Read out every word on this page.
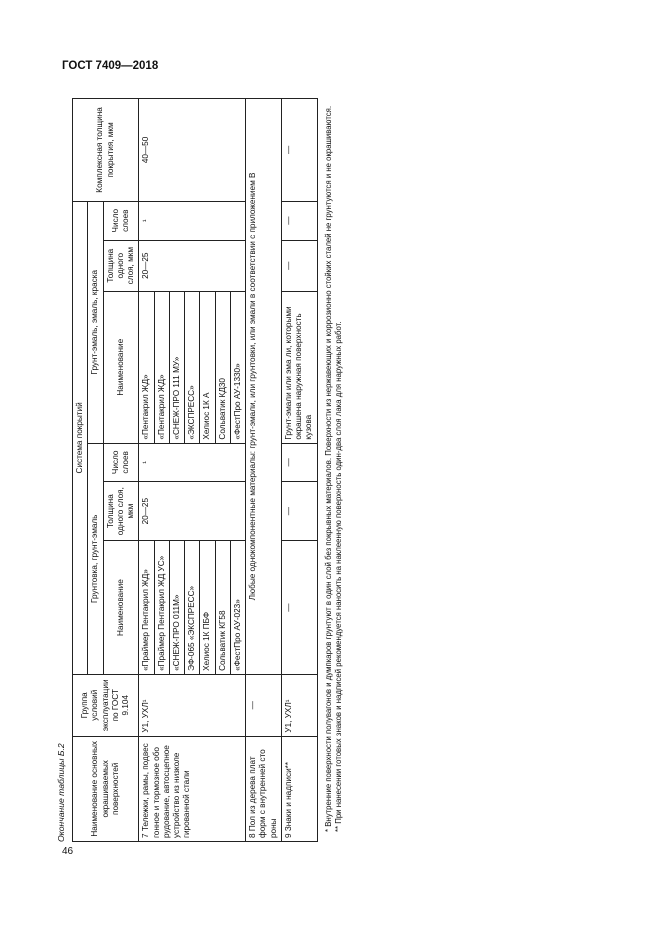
ГОСТ 7409—2018
Окончание таблицы Б.2	Наименование основных окрашиваемых поверхностей	Группа условий эксплуатации по ГОСТ 9.104	Система покрытий						Комплексная толщина покрытия, мкм
		Грунтовка, грунт-эмаль			Грунт-эмаль, эмаль, краска			
		Наименование	Толщина одного слоя, мкм	Число слоев	Наименование	Толщина одного слоя, мкм	Число слоев	
7 Тележки, рамы, подвеc гонное и тормозное обо рудование, автосцепное устройство из низколе гированной стали	У1, УХЛ¹	«Праймер Пентакрил ЖД»	20—25	¹	«Пентакрил ЖД»	20—25	¹	40—50
		«Праймер Пентакрил ЖД УС»			«Пентакрил ЖД»			
		«СНЕЖ-ПРО 011М»			«СНЕЖ-ПРО 111 МУ»			
		ЭФ-065 «ЭКСПРЕСС»			«ЭКСПРЕСС»			
		Хелиос 1К ПБФ			Хелиос 1К А			
		Сольватик КГ58			Сольватик КД30			
		«ФестПро АУ-023»			«ФестПро АУ-1330»			
8 Пол из дерева плат форм с внутренней сто роны	—	Любые однокомпонентные материалы: грунт-эмали, или грунтовки, или эмали в соответствии с приложением В						
9 Знаки и надписи**	У1, УХЛ¹	—	—	—	Грунт-эмали или эма ли, которыми окрашена наружная поверхность кузова	—	—	—	* Внутренние поверхности полувагонов и думпкаров грунтуют в один слой без покрывных материалов. Поверхности из нержавеющих и коррозионно стойких сталей не грунтуются и не окрашиваются. ** При нанесении готовых знаков и надписей рекомендуется наносить на наклеенную поверхность один-два слоя лака для наружных работ.
46
